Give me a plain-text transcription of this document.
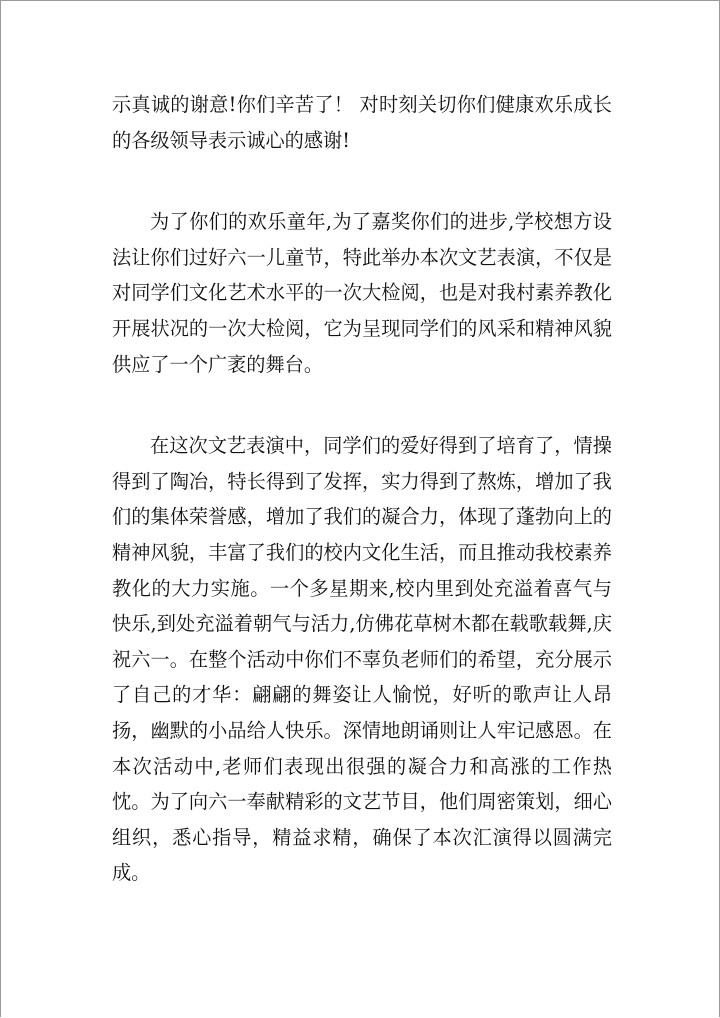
示真诚的谢意!你们辛苦了！ 对时刻关切你们健康欢乐成长的各级领导表示诚心的感谢!

为了你们的欢乐童年,为了嘉奖你们的进步,学校想方设法让你们过好六一儿童节，特此举办本次文艺表演，不仅是对同学们文化艺术水平的一次大检阅，也是对我村素养教化开展状况的一次大检阅，它为呈现同学们的风采和精神风貌供应了一个广袤的舞台。

在这次文艺表演中，同学们的爱好得到了培育了，情操得到了陶冶，特长得到了发挥，实力得到了熬炼，增加了我们的集体荣誉感，增加了我们的凝合力，体现了蓬勃向上的精神风貌，丰富了我们的校内文化生活，而且推动我校素养教化的大力实施。一个多星期来,校内里到处充溢着喜气与快乐,到处充溢着朝气与活力,仿佛花草树木都在载歌载舞,庆祝六一。在整个活动中你们不辜负老师们的希望，充分展示了自己的才华：翩翩的舞姿让人愉悦，好听的歌声让人昂扬，幽默的小品给人快乐。深情地朗诵则让人牢记感恩。在本次活动中,老师们表现出很强的凝合力和高涨的工作热忱。为了向六一奉献精彩的文艺节目，他们周密策划，细心组织，悉心指导，精益求精，确保了本次汇演得以圆满完成。
